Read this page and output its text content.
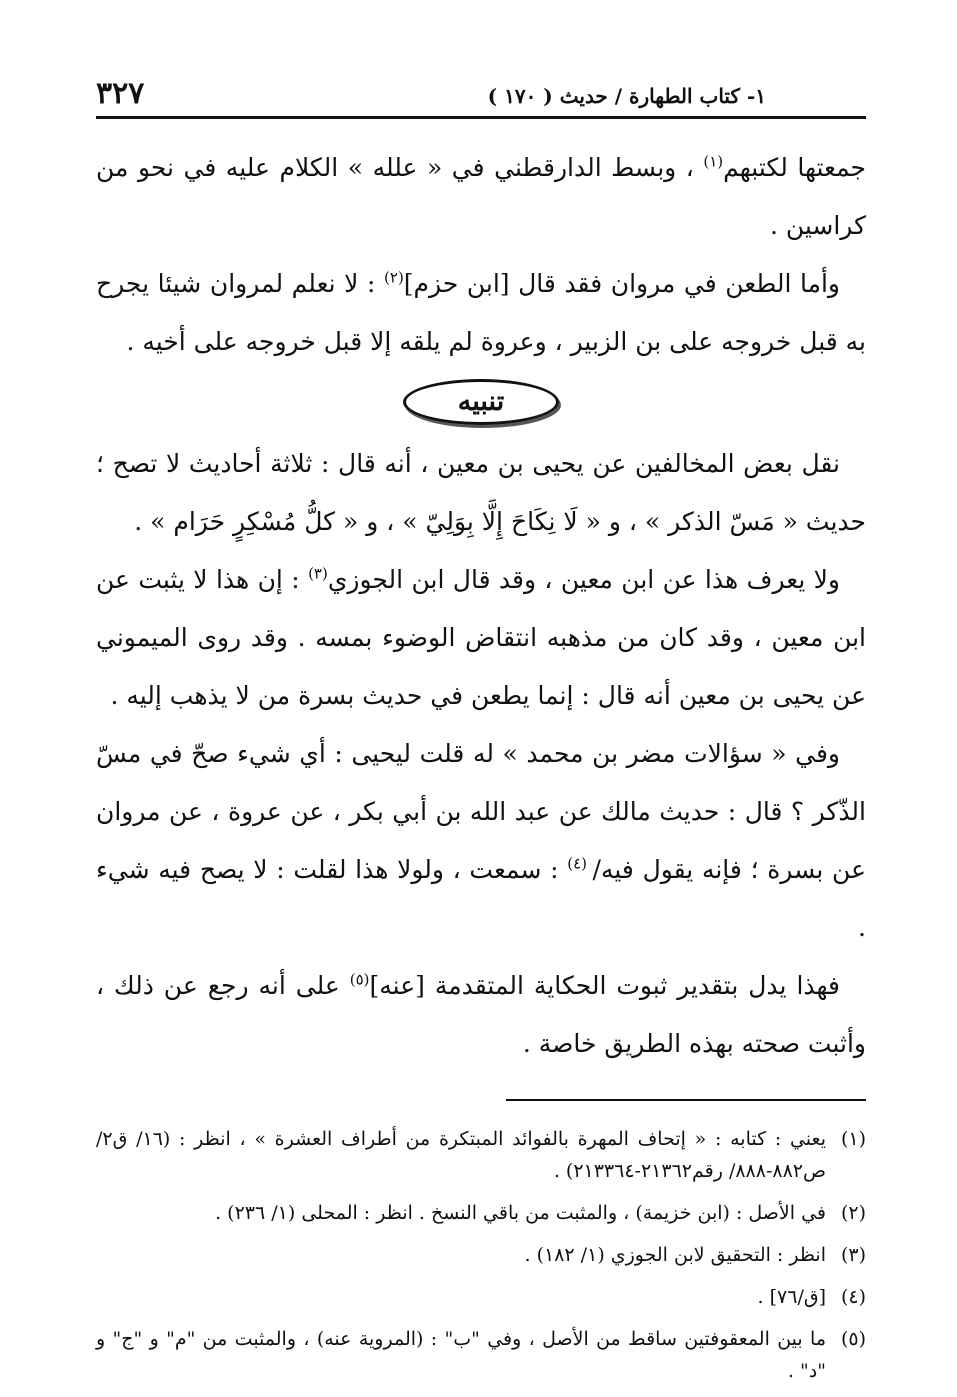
١- كتاب الطهارة / حديث ( ١٧٠ )
٣٢٧

جمعتها لكتبهم$^{(١)}$ ، وبسط الدارقطني في « علله » الكلام عليه في نحو من كراسين .

وأما الطعن في مروان فقد قال [ابن حزم]$^{(٢)}$ : لا نعلم لمروان شيئا يجرح به قبل خروجه على بن الزبير ، وعروة لم يلقه إلا قبل خروجه على أخيه .

تنبيه

نقل بعض المخالفين عن يحيى بن معين ، أنه قال : ثلاثة أحاديث لا تصح ؛ حديث « مَسّ الذكر » ، و « لَا نِكَاحَ إِلَّا بِوَلِيّ » ، و « كلُّ مُسْكِرٍ حَرَام » .

ولا يعرف هذا عن ابن معين ، وقد قال ابن الجوزي$^{(٣)}$ : إن هذا لا يثبت عن ابن معين ، وقد كان من مذهبه انتقاض الوضوء بمسه . وقد روى الميموني عن يحيى بن معين أنه قال : إنما يطعن في حديث بسرة من لا يذهب إليه .

وفي « سؤالات مضر بن محمد » له قلت ليحيى : أي شيء صحّ في مسّ الذّكر ؟ قال : حديث مالك عن عبد الله بن أبي بكر ، عن عروة ، عن مروان عن بسرة ؛ فإنه يقول فيه/ $^{(٤)}$ : سمعت ، ولولا هذا لقلت : لا يصح فيه شيء .

فهذا يدل بتقدير ثبوت الحكاية المتقدمة [عنه]$^{(٥)}$ على أنه رجع عن ذلك ، وأثبت صحته بهذه الطريق خاصة .

(١)
يعني : كتابه : « إتحاف المهرة بالفوائد المبتكرة من أطراف العشرة » ، انظر : (١٦/ ق٢/ ص٨٨٢-٨٨٨/ رقم٢١٣٦٢-٢١٣٣٦٤) .
(٢)
في الأصل : (ابن خزيمة) ، والمثبت من باقي النسخ . انظر : المحلى (١/ ٢٣٦) .
(٣)
انظر : التحقيق لابن الجوزي (١/ ١٨٢) .
(٤)
[ق/٧٦] .
(٥)
ما بين المعقوفتين ساقط من الأصل ، وفي "ب" : (المروية عنه) ، والمثبت من "م" و "ج" و "د" .
